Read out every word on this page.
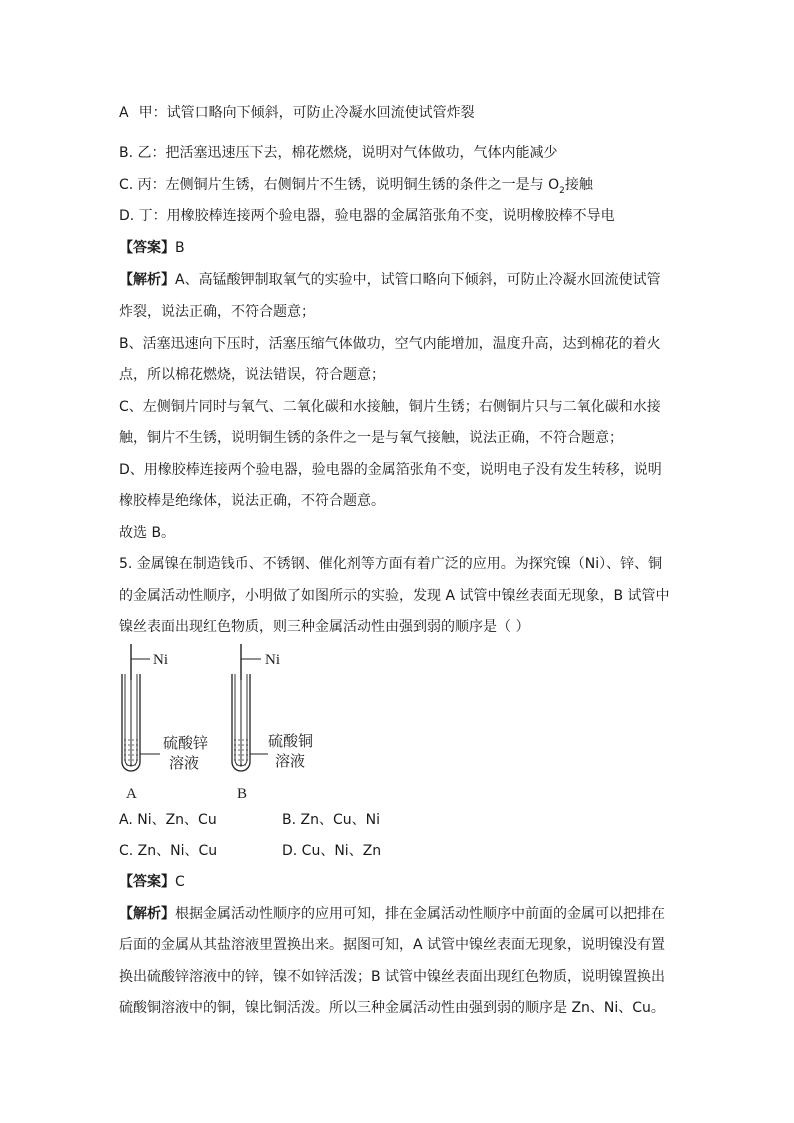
A 甲：试管口略向下倾斜，可防止冷凝水回流使试管炸裂
B. 乙：把活塞迅速压下去，棉花燃烧，说明对气体做功，气体内能减少
C. 丙：左侧铜片生锈，右侧铜片不生锈，说明铜生锈的条件之一是与 $O_2$接触
D. 丁：用橡胶棒连接两个验电器，验电器的金属箔张角不变，说明橡胶棒不导电
【答案】B
【解析】A、高锰酸钾制取氧气的实验中，试管口略向下倾斜，可防止冷凝水回流使试管
炸裂，说法正确，不符合题意；
B、活塞迅速向下压时，活塞压缩气体做功，空气内能增加，温度升高，达到棉花的着火
点，所以棉花燃烧，说法错误，符合题意；
C、左侧铜片同时与氧气、二氧化碳和水接触，铜片生锈；右侧铜片只与二氧化碳和水接
触，铜片不生锈，说明铜生锈的条件之一是与氧气接触，说法正确，不符合题意；
D、用橡胶棒连接两个验电器，验电器的金属箔张角不变，说明电子没有发生转移，说明
橡胶棒是绝缘体，说法正确，不符合题意。
故选 B。
5. 金属镍在制造钱币、不锈钢、催化剂等方面有着广泛的应用。为探究镍（Ni）、锌、铜
的金属活动性顺序，小明做了如图所示的实验，发现 A 试管中镍丝表面无现象，B 试管中
镍丝表面出现红色物质，则三种金属活动性由强到弱的顺序是（ ）
Ni	Ni
硫酸锌
溶液
硫酸铜
溶液
A	B
A. Ni、Zn、Cu	B. Zn、Cu、Ni
C. Zn、Ni、Cu	D. Cu、Ni、Zn
【答案】C
【解析】根据金属活动性顺序的应用可知，排在金属活动性顺序中前面的金属可以把排在
后面的金属从其盐溶液里置换出来。据图可知，A 试管中镍丝表面无现象，说明镍没有置
换出硫酸锌溶液中的锌，镍不如锌活泼；B 试管中镍丝表面出现红色物质，说明镍置换出
硫酸铜溶液中的铜，镍比铜活泼。所以三种金属活动性由强到弱的顺序是 Zn、Ni、Cu。
